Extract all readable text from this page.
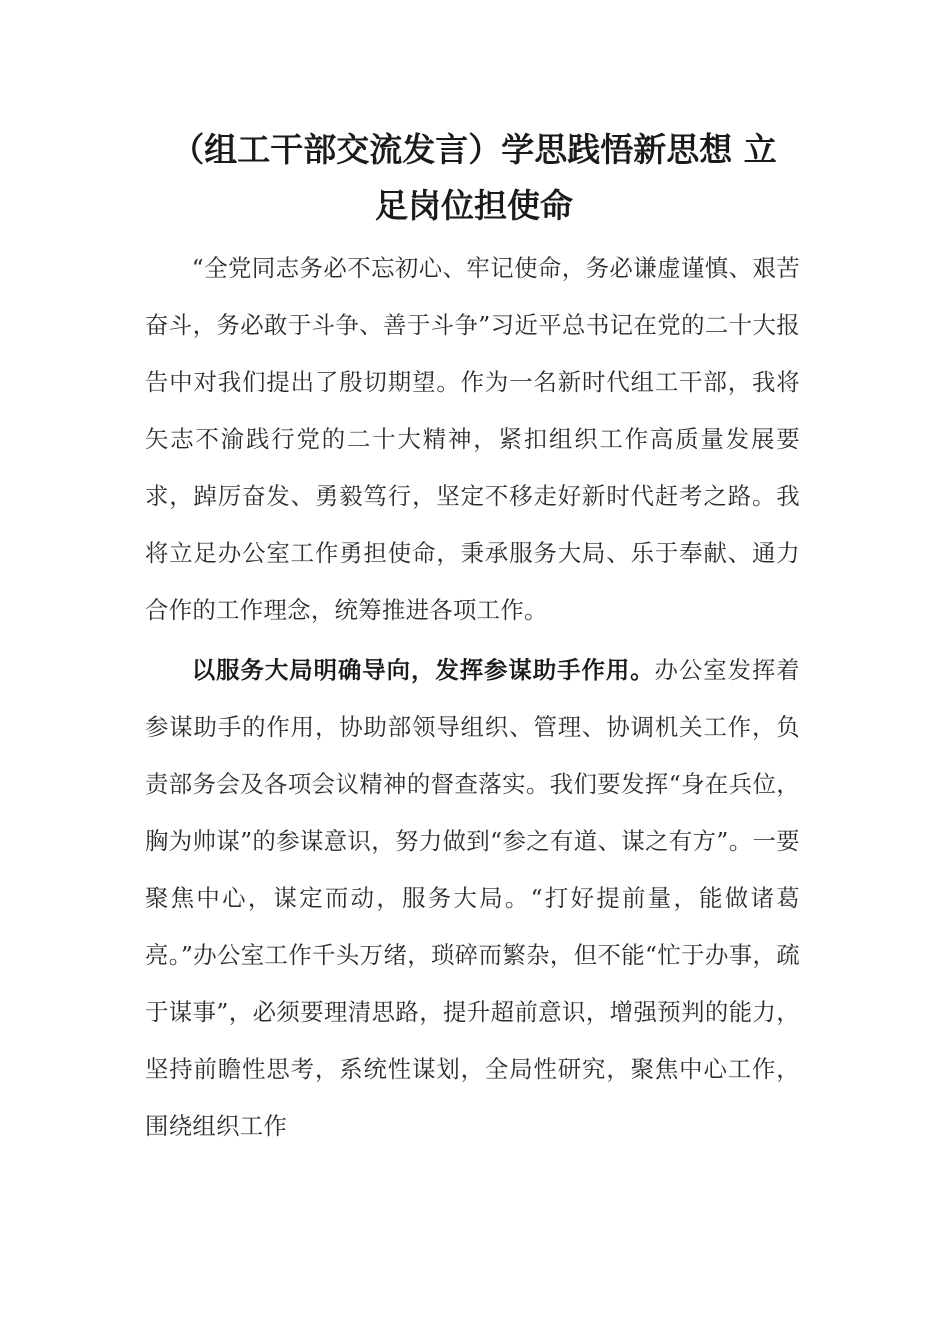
（组工干部交流发言）学思践悟新思想 立
足岗位担使命

“全党同志务必不忘初心、牢记使命，务必谦虚谨慎、艰苦奋斗，务必敢于斗争、善于斗争”习近平总书记在党的二十大报告中对我们提出了殷切期望。作为一名新时代组工干部，我将矢志不渝践行党的二十大精神，紧扣组织工作高质量发展要求，踔厉奋发、勇毅笃行，坚定不移走好新时代赶考之路。我将立足办公室工作勇担使命，秉承服务大局、乐于奉献、通力合作的工作理念，统筹推进各项工作。

以服务大局明确导向，发挥参谋助手作用。办公室发挥着参谋助手的作用，协助部领导组织、管理、协调机关工作，负责部务会及各项会议精神的督查落实。我们要发挥“身在兵位，胸为帅谋”的参谋意识，努力做到“参之有道、谋之有方”。一要聚焦中心，谋定而动，服务大局。“打好提前量，能做诸葛亮。”办公室工作千头万绪，琐碎而繁杂，但不能“忙于办事，疏于谋事”，必须要理清思路，提升超前意识，增强预判的能力，坚持前瞻性思考，系统性谋划，全局性研究，聚焦中心工作，围绕组织工作
